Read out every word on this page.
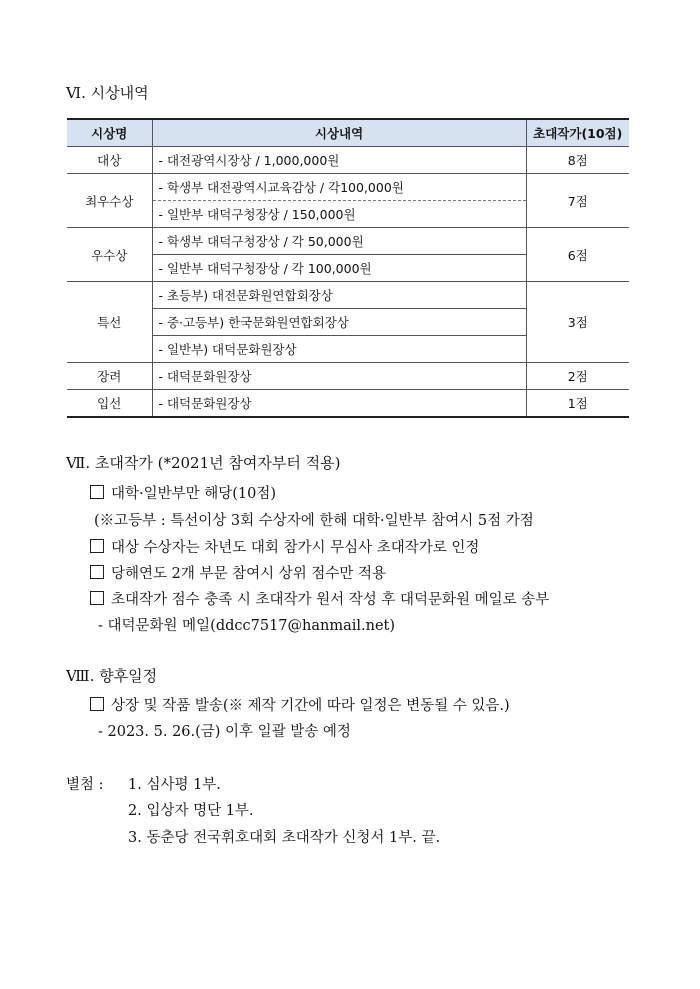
Ⅵ. 시상내역
시상명	시상내역	초대작가(10점)
대상	- 대전광역시장상 / 1,000,000원	8점
최우수상	- 학생부 대전광역시교육감상 / 각100,000원	7점
	- 일반부 대덕구청장상 / 150,000원	
우수상	- 학생부 대덕구청장상 / 각 50,000원	6점
	- 일반부 대덕구청장상 / 각 100,000원	
특선	- 초등부) 대전문화원연합회장상	3점
	- 중·고등부) 한국문화원연합회장상	
	- 일반부) 대덕문화원장상	
장려	- 대덕문화원장상	2점
입선	- 대덕문화원장상	1점
Ⅶ. 초대작가 (*2021년 참여자부터 적용)
대학·일반부만 해당(10점)
(※고등부 : 특선이상 3회 수상자에 한해 대학·일반부 참여시 5점 가점
대상 수상자는 차년도 대회 참가시 무심사 초대작가로 인정
당해연도 2개 부문 참여시 상위 점수만 적용
초대작가 점수 충족 시 초대작가 원서 작성 후 대덕문화원 메일로 송부
- 대덕문화원 메일(ddcc7517@hanmail.net)
Ⅷ. 향후일정
상장 및 작품 발송(※ 제작 기간에 따라 일정은 변동될 수 있음.)
- 2023. 5. 26.(금) 이후 일괄 발송 예정
별첨 : 1. 심사평 1부.
2. 입상자 명단 1부.
3. 동춘당 전국휘호대회 초대작가 신청서 1부. 끝.
